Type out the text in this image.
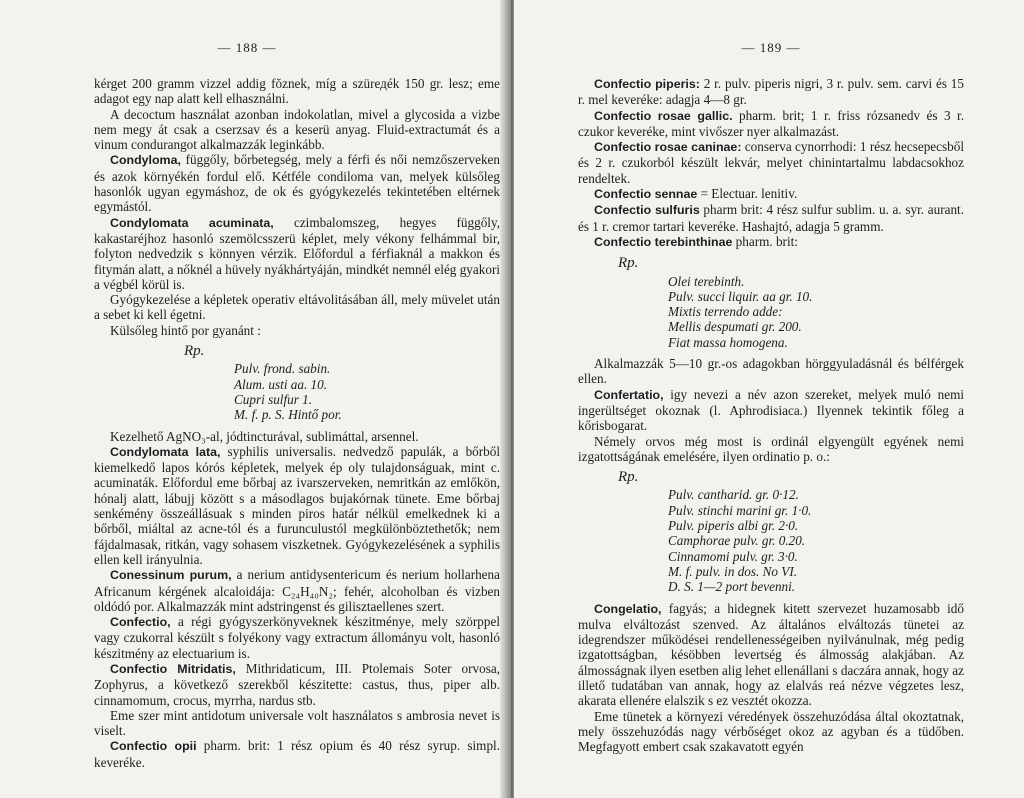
— 188 —

kérget 200 gramm vizzel addig fŏznek, míg a szürедék 150 gr. lesz; eme adagot egy nap alatt kell elhasználni.

A decoctum használat azonban indokolatlan, mivel a glycosida a vizbe nem megy át csak a cserzsav és a keserü anyag. Fluid-extractumát és a vinum condurangot alkalmazzák leginkább.

Condyloma, függőly, bőrbetegség, mely a férfi és női nemzőszerveken és azok környékén fordul elő. Kétféle condiloma van, melyek külsőleg hasonlók ugyan egymáshoz, de ok és gyógykezelés tekintetében eltérnek egymástól.

Condylomata acuminata, czimbalomszeg, hegyes függőly, kakastaréjhoz hasonló szemölcsszerü képlet, mely vékony felhámmal bir, folyton nedvedzik s könnyen vérzik. Előfordul a férfiaknál a makkon és fitymán alatt, a nőknél a hüvely nyákhártyáján, mindkét nemnél elég gyakori a végbél körül is.

Gyógykezelése a képletek operativ eltávolitásában áll, mely müvelet után a sebet ki kell égetni.

Külsőleg hintő por gyanánt :

Rp.
Pulv. frond. sabin.
Alum. usti aa. 10.
Cupri sulfur 1.
M. f. p. S. Hintő por.

Kezelhető AgNO₃-al, jódtincturával, sublimáttal, arsennel.

Condylomata lata, syphilis universalis. nedvedző papulák, a bőrből kiemelkedő lapos kórós képletek, melyek ép oly tulajdonságuak, mint c. acuminaták. Előfordul eme bőrbaj az ivarszerveken, nemritkán az emlőkön, hónalj alatt, lábujj között s a másodlagos bujakórnak tünete. Eme bőrbaj senkémény összeállásuak s minden piros határ nélkül emelkednek ki a bőrből, miáltal az acne-tól és a furunculustól megkülönböztethetők; nem fájdalmasak, ritkán, vagy sohasem viszketnek. Gyógykezelésének a syphilis ellen kell irányulnia.

Conessinum purum, a nerium antidysentericum és nerium hollarhena Africanum kérgének alcaloidája: C₂₄H₄₀N₂; fehér, alcoholban és vizben oldódó por. Alkalmazzák mint adstringenst és gilisztaellenes szert.

Confectio, a régi gyógyszerkönyveknek készitménye, mely szörppel vagy czukorral készült s folyékony vagy extractum állományu volt, hasonló készitmény az electuarium is.

Confectio Mitridatis, Mithridaticum, III. Ptolemais Soter orvosa, Zophyrus, a következő szerekből készitette: castus, thus, piper alb. cinnamomum, crocus, myrrha, nardus stb.

Eme szer mint antidotum universale volt használatos s ambrosia nevet is viselt.

Confectio opii pharm. brit: 1 rész opium és 40 rész syrup. simpl. keveréke.

— 189 —

Confectio piperis: 2 r. pulv. piperis nigri, 3 r. pulv. sem. carvi és 15 r. mel keveréke: adagja 4—8 gr.

Confectio rosae gallic. pharm. brit; 1 r. friss rózsanedv és 3 r. czukor keveréke, mint vivőszer nyer alkalmazást.

Confectio rosae caninae: conserva cynorrhodi: 1 rész hecsepecsből és 2 r. czukorból készült lekvár, melyet chinintartalmu labdacsokhoz rendeltek.

Confectio sennae = Electuar. lenitiv.

Confectio sulfuris pharm brit: 4 rész sulfur sublim. u. a. syr. aurant. és 1 r. cremor tartari keveréke. Hashajtó, adagja 5 gramm.

Confectio terebinthinae pharm. brit:

Rp.
Olei terebinth.
Pulv. succi liquir. aa gr. 10.
Mixtis terrendo adde:
Mellis despumati gr. 200.
Fiat massa homogena.

Alkalmazzák 5—10 gr.-os adagokban hörggyuladásnál és bélférgek ellen.

Confertatio, igy nevezi a név azon szereket, melyek muló nemi ingerültséget okoznak (l. Aphrodisiaca.) Ilyennek tekintik főleg a kőrisbogarat.

Némely orvos még most is ordinál elgyengült egyének nemi izgatottságának emelésére, ilyen ordinatio p. o.:

Rp.
Pulv. cantharid. gr. 0·12.
Pulv. stinchi marini gr. 1·0.
Pulv. piperis albi gr. 2·0.
Camphorae pulv. gr. 0.20.
Cinnamomi pulv. gr. 3·0.
M. f. pulv. in dos. No VI.
D. S. 1—2 port bevenni.

Congelatio, fagyás; a hidegnek kitett szervezet huzamosabb idő mulva elváltozást szenved. Az általános elváltozás tünetei az idegrendszer működései rendellenességeiben nyilvánulnak, még pedig izgatottságban, késöbben levertség és álmosság alakjában. Az álmosságnak ilyen esetben alig lehet ellenállani s daczára annak, hogy az illető tudatában van annak, hogy az elalvás reá nézve végzetes lesz, akarata ellenére elalszik s ez vesztét okozza.

Eme tünetek a környezi véredények összehuzódása által okoztatnak, mely összehuzódás nagy vérbőséget okoz az agyban és a tüdőben. Megfagyott embert csak szakavatott egyén
